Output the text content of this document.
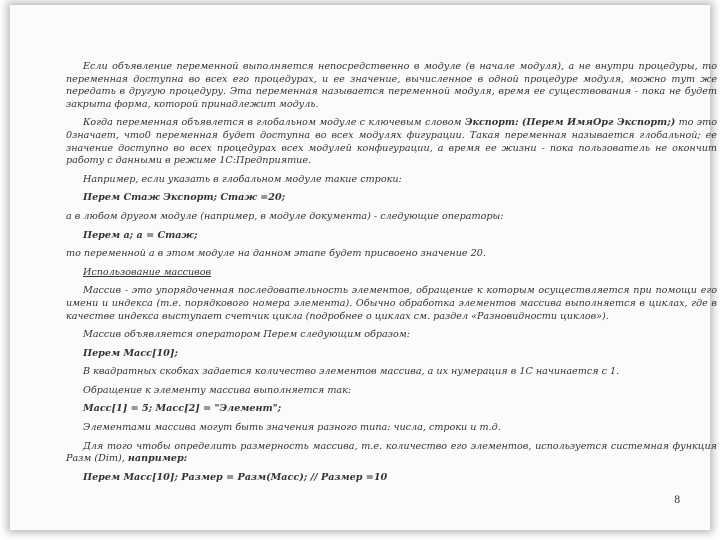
Если объявление переменной выполняется непосредственно в модуле (в начале модуля), а не внутри процедуры, то переменная доступна во всех его процедурах, и ее значение, вычисленное в одной процедуре модуля, можно тут же передать в другую процедуру. Эта переменная называется переменной модуля, время ее существования - пока не будет закрыта форма, которой принадлежит модуль.

Когда переменная объявлется в глобальном модуле с ключевым словом Экспорт: (Перем ИмяОрг Экспорт;) то это 0значает, что0 переменная будет доступна во всех модулях фигурации. Такая переменная называется глобальной; ее значение доступно во всех процедурах всех модулей конфигурации, а время ее жизни - пока пользователь не окончит работу с данными в режиме 1С:Предприятие.

Например, если указать в глобальном модуле такие строки:

Перем Стаж Экспорт; Стаж =20;

а в любом другом модуле (например, в модуле документа) - следующие операторы:

Перем а; а = Стаж;

то переменной а в этом модуле на данном этапе будет присвоено значение 20.

Использование массивов

Массив - это упорядоченная последовательность элементов, обращение к которым осуществляется при помощи его имени и индекса (т.е. порядкового номера элемента). Обычно обработка элементов массива выполняется в циклах, где в качестве индекса выступает счетчик цикла (подробнее о циклах см. раздел «Разновидности циклов»).

Массив объявляется оператором Перем следующим образом:

Перем Масс[10];

В квадратных скобках задается количество элементов массива, а их нумерация в 1С начинается с 1.

Обращение к элементу массива выполняется так:

Масс[1] = 5; Масс[2] = "Элемент";

Элементами массива могут быть значения разного типа: числа, строки и т.д.

Для того чтобы определить размерность массива, т.е. количество его элементов, используется системная функция Разм (Dim), например:

Перем Масс[10]; Размер = Разм(Масс); // Размер =10

8
